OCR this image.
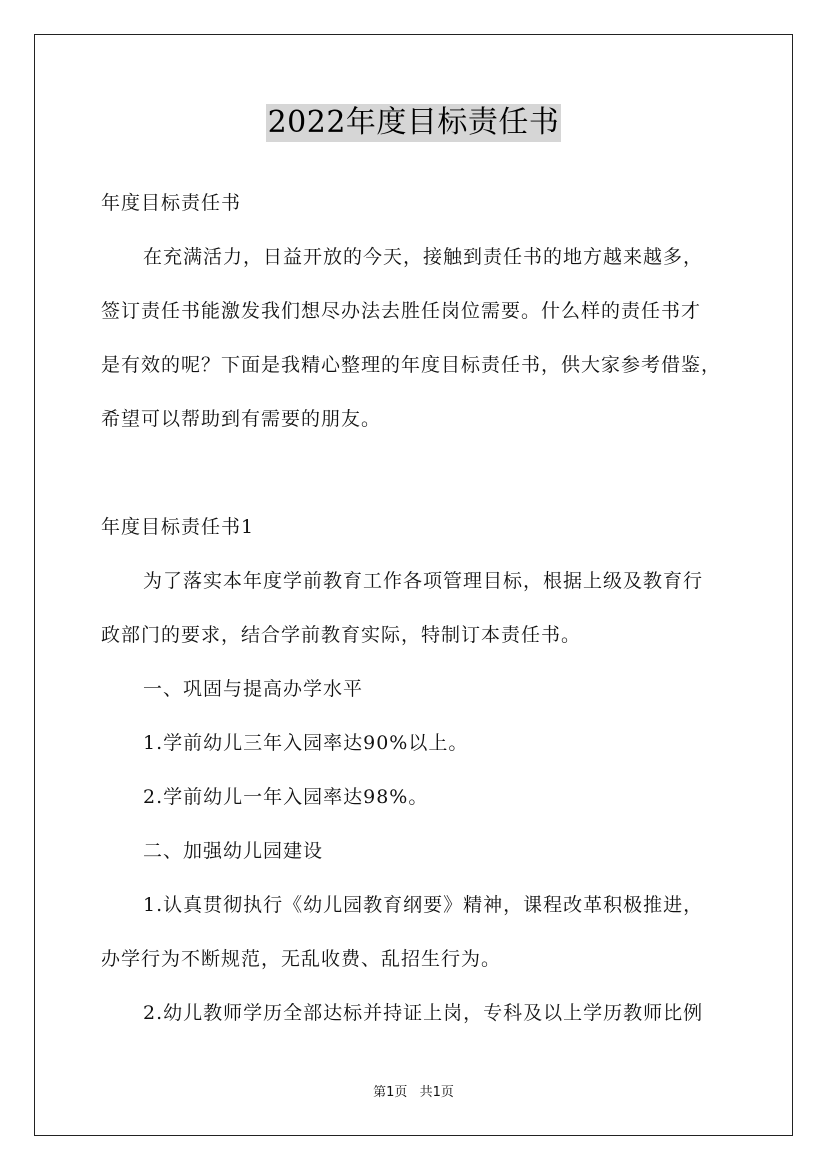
2022年度目标责任书

年度目标责任书

在充满活力，日益开放的今天，接触到责任书的地方越来越多，

签订责任书能激发我们想尽办法去胜任岗位需要。什么样的责任书才

是有效的呢？下面是我精心整理的年度目标责任书，供大家参考借鉴，

希望可以帮助到有需要的朋友。

年度目标责任书1

为了落实本年度学前教育工作各项管理目标，根据上级及教育行

政部门的要求，结合学前教育实际，特制订本责任书。

一、巩固与提高办学水平

1.学前幼儿三年入园率达90%以上。

2.学前幼儿一年入园率达98%。

二、加强幼儿园建设

1.认真贯彻执行《幼儿园教育纲要》精神，课程改革积极推进，

办学行为不断规范，无乱收费、乱招生行为。

2.幼儿教师学历全部达标并持证上岗，专科及以上学历教师比例

第1页 共1页
